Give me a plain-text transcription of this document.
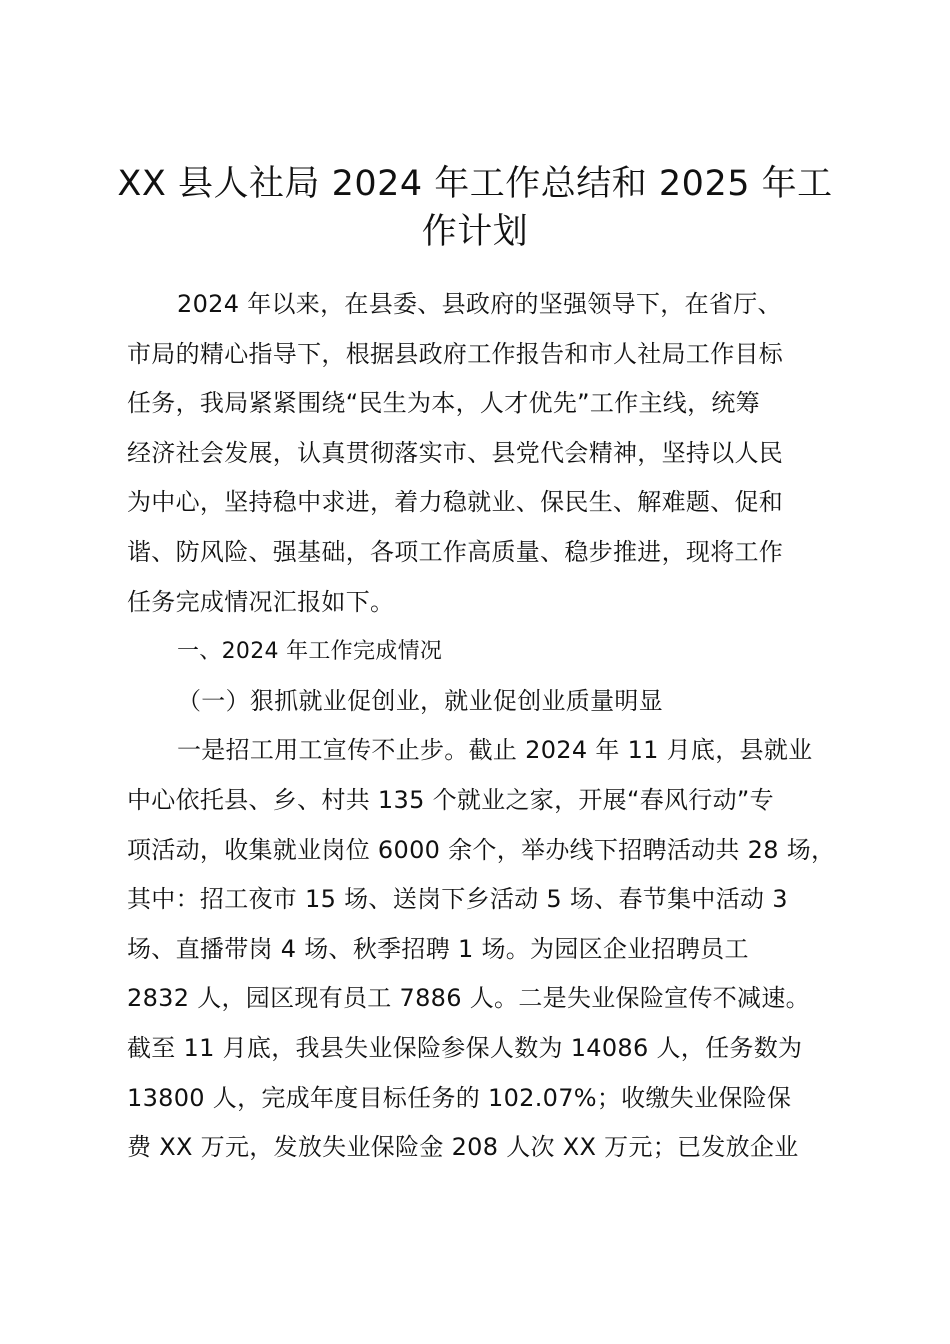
XX 县人社局 2024 年工作总结和 2025 年工
作计划
2024 年以来，在县委、县政府的坚强领导下，在省厅、
市局的精心指导下，根据县政府工作报告和市人社局工作目标
任务，我局紧紧围绕“民生为本，人才优先”工作主线，统筹
经济社会发展，认真贯彻落实市、县党代会精神，坚持以人民
为中心，坚持稳中求进，着力稳就业、保民生、解难题、促和
谐、防风险、强基础，各项工作高质量、稳步推进，现将工作
任务完成情况汇报如下。
一、2024 年工作完成情况
（一）狠抓就业促创业，就业促创业质量明显
一是招工用工宣传不止步。截止 2024 年 11 月底，县就业
中心依托县、乡、村共 135 个就业之家，开展“春风行动”专
项活动，收集就业岗位 6000 余个，举办线下招聘活动共 28 场，
其中：招工夜市 15 场、送岗下乡活动 5 场、春节集中活动 3
场、直播带岗 4 场、秋季招聘 1 场。为园区企业招聘员工
2832 人，园区现有员工 7886 人。二是失业保险宣传不减速。
截至 11 月底，我县失业保险参保人数为 14086 人，任务数为
13800 人，完成年度目标任务的 102.07%；收缴失业保险保
费 XX 万元，发放失业保险金 208 人次 XX 万元；已发放企业
